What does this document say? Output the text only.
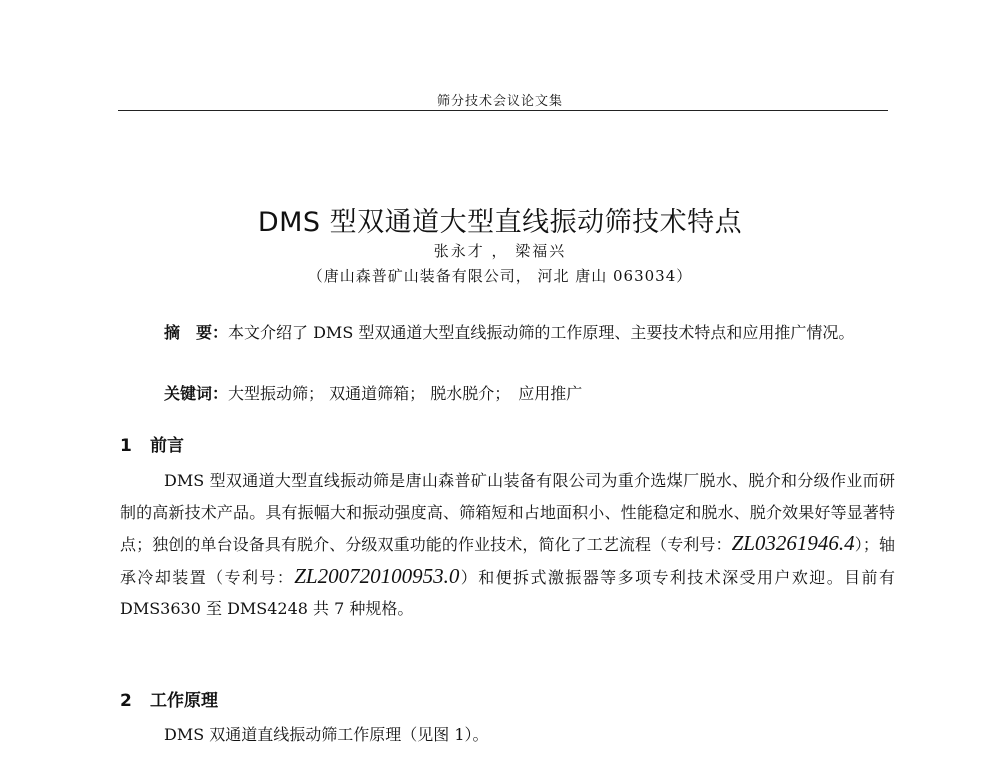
筛分技术会议论文集
DMS 型双通道大型直线振动筛技术特点
张永才 ， 梁福兴
（唐山森普矿山装备有限公司， 河北 唐山 063034）
摘　要：本文介绍了 DMS 型双通道大型直线振动筛的工作原理、主要技术特点和应用推广情况。
关键词：大型振动筛； 双通道筛箱； 脱水脱介；　应用推广
1 前言
DMS 型双通道大型直线振动筛是唐山森普矿山装备有限公司为重介选煤厂脱水、脱介和分级作业而研制的高新技术产品。具有振幅大和振动强度高、筛箱短和占地面积小、性能稳定和脱水、脱介效果好等显著特点；独创的单台设备具有脱介、分级双重功能的作业技术，简化了工艺流程（专利号：ZL03261946.4）；轴承冷却装置（专利号：ZL200720100953.0）和便拆式激振器等多项专利技术深受用户欢迎。目前有 DMS3630 至 DMS4248 共 7 种规格。
2 工作原理
DMS 双通道直线振动筛工作原理（见图 1）。
